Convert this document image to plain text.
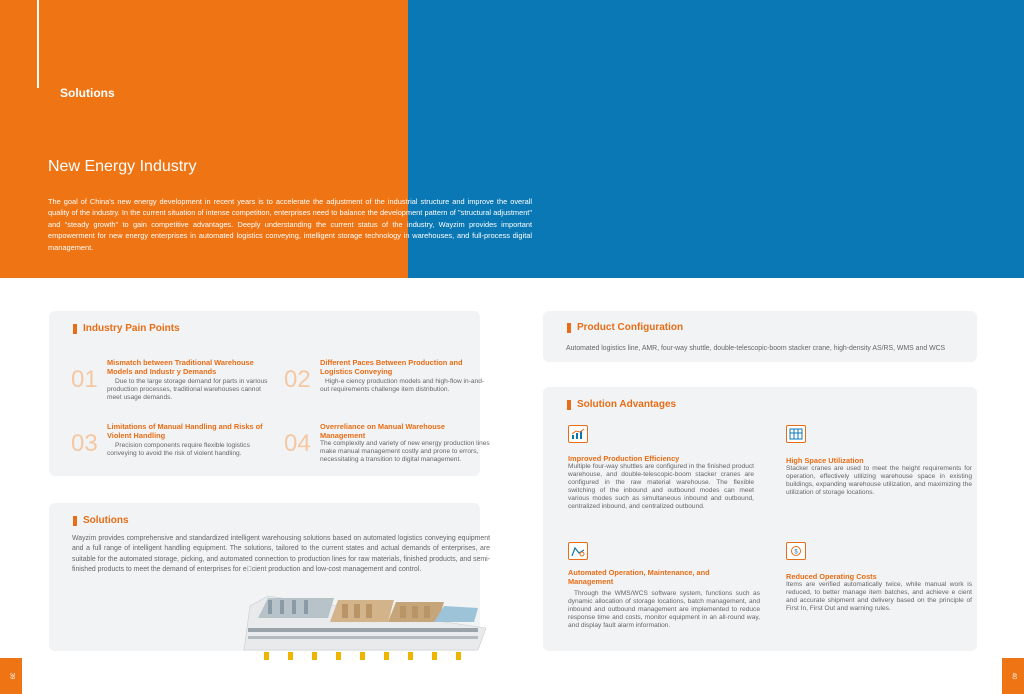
Solutions
New Energy Industry
The goal of China's new energy development in recent years is to accelerate the adjustment of the industrial structure and improve the overall quality of the industry. In the current situation of intense competition, enterprises need to balance the development pattern of "structural adjustment" and "steady growth" to gain competitive advantages. Deeply understanding the current status of the industry, Wayzim provides important empowerment for new energy enterprises in automated logistics conveying, intelligent storage technology in warehouses, and full-process digital management.
Industry Pain Points
01
Mismatch between Traditional Warehouse Models and Industr y Demands
Due to the large storage demand for parts in various production processes, traditional warehouses cannot meet usage demands.
02
Different Paces Between Production and Logistics Conveying
High-e ciency production models and high-flow in-and-out requirements challenge item distribution.
03
Limitations of Manual Handling and Risks of Violent Handling
Precision components require flexible logistics conveying to avoid the risk of violent handling.	04
Overreliance on Manual Warehouse Management
The complexity and variety of new energy production lines make manual management costly and prone to errors, necessitating a transition to digital management.
Solutions
Wayzim provides comprehensive and standardized intelligent warehousing solutions based on automated logistics conveying equipment and a full range of intelligent handling equipment. The solutions, tailored to the current states and actual demands of enterprises, are suitable for the automated storage, picking, and automated connection to production lines for raw materials, finished products, and semi-finished products to meet the demand of enterprises for e cient production and low-cost management and control.
Product Configuration
Automated logistics line, AMR, four-way shuttle, double-telescopic-boom stacker crane, high-density AS/RS, WMS and WCS
Solution Advantages
Improved Production Efficiency
Multiple four-way shuttles are configured in the finished product warehouse, and double-telescopic-boom stacker cranes are configured in the raw material warehouse. The flexible switching of the inbound and outbound modes can meet various modes such as simultaneous inbound and outbound, centralized inbound, and centralized outbound.
High Space Utilization
Stacker cranes are used to meet the height requirements for operation, effectively utilizing warehouse space in existing buildings, expanding warehouse utilization, and maximizing the utilization of storage locations.
Automated Operation, Maintenance, and Management
Through the WMS/WCS software system, functions such as dynamic allocation of storage locations, batch management, and inbound and outbound management are implemented to reduce response time and costs, monitor equipment in an all-round way, and display fault alarm information.
$
Reduced Operating Costs
Items are verified automatically twice, while manual work is reduced, to better manage item batches, and achieve e cient and accurate shipment and delivery based on the principle of First In, First Out and warning rules.
39	40
